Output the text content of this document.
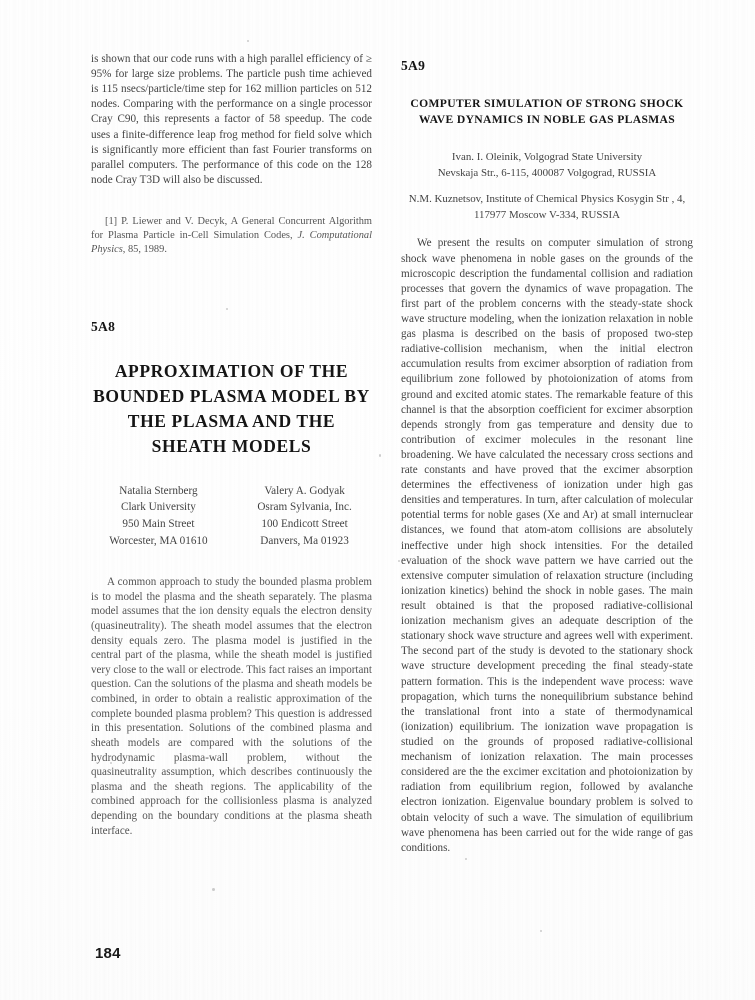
is shown that our code runs with a high parallel efficiency of ≥ 95% for large size problems. The particle push time achieved is 115 nsecs/particle/time step for 162 million particles on 512 nodes. Comparing with the performance on a single processor Cray C90, this represents a factor of 58 speedup. The code uses a finite-difference leap frog method for field solve which is significantly more efficient than fast Fourier transforms on parallel computers. The performance of this code on the 128 node Cray T3D will also be discussed.

[1] P. Liewer and V. Decyk, A General Concurrent Algorithm for Plasma Particle in-Cell Simulation Codes, J. Computational Physics, 85, 1989.

5A8

APPROXIMATION OF THE BOUNDED PLASMA MODEL BY THE PLASMA AND THE SHEATH MODELS
Natalia Sternberg
Clark University
950 Main Street
Worcester, MA 01610
Valery A. Godyak
Osram Sylvania, Inc.
100 Endicott Street
Danvers, Ma 01923

A common approach to study the bounded plasma problem is to model the plasma and the sheath separately. The plasma model assumes that the ion density equals the electron density (quasineutrality). The sheath model assumes that the electron density equals zero. The plasma model is justified in the central part of the plasma, while the sheath model is justified very close to the wall or electrode. This fact raises an important question. Can the solutions of the plasma and sheath models be combined, in order to obtain a realistic approximation of the complete bounded plasma problem? This question is addressed in this presentation. Solutions of the combined plasma and sheath models are compared with the solutions of the hydrodynamic plasma-wall problem, without the quasineutrality assumption, which describes continuously the plasma and the sheath regions. The applicability of the combined approach for the collisionless plasma is analyzed depending on the boundary conditions at the plasma sheath interface.

5A9

COMPUTER SIMULATION OF STRONG SHOCK
WAVE DYNAMICS IN NOBLE GAS PLASMAS
Ivan. I. Oleinik, Volgograd State University
Nevskaja Str., 6-115, 400087 Volgograd, RUSSIA
N.M. Kuznetsov, Institute of Chemical Physics Kosygin Str , 4,
117977 Moscow V-334, RUSSIA

We present the results on computer simulation of strong shock wave phenomena in noble gases on the grounds of the microscopic description the fundamental collision and radiation processes that govern the dynamics of wave propagation. The first part of the problem concerns with the steady-state shock wave structure modeling, when the ionization relaxation in noble gas plasma is described on the basis of proposed two-step radiative-collision mechanism, when the initial electron accumulation results from excimer absorption of radiation from equilibrium zone followed by photoionization of atoms from ground and excited atomic states. The remarkable feature of this channel is that the absorption coefficient for excimer absorption depends strongly from gas temperature and density due to contribution of excimer molecules in the resonant line broadening. We have calculated the necessary cross sections and rate constants and have proved that the excimer absorption determines the effectiveness of ionization under high gas densities and temperatures. In turn, after calculation of molecular potential terms for noble gases (Xe and Ar) at small internuclear distances, we found that atom-atom collisions are absolutely ineffective under high shock intensities. For the detailed evaluation of the shock wave pattern we have carried out the extensive computer simulation of relaxation structure (including ionization kinetics) behind the shock in noble gases. The main result obtained is that the proposed radiative-collisional ionization mechanism gives an adequate description of the stationary shock wave structure and agrees well with experiment. The second part of the study is devoted to the stationary shock wave structure development preceding the final steady-state pattern formation. This is the independent wave process: wave propagation, which turns the nonequilibrium substance behind the translational front into a state of thermodynamical (ionization) equilibrium. The ionization wave propagation is studied on the grounds of proposed radiative-collisional mechanism of ionization relaxation. The main processes considered are the the excimer excitation and photoionization by radiation from equilibrium region, followed by avalanche electron ionization. Eigenvalue boundary problem is solved to obtain velocity of such a wave. The simulation of equilibrium wave phenomena has been carried out for the wide range of gas conditions.

184
